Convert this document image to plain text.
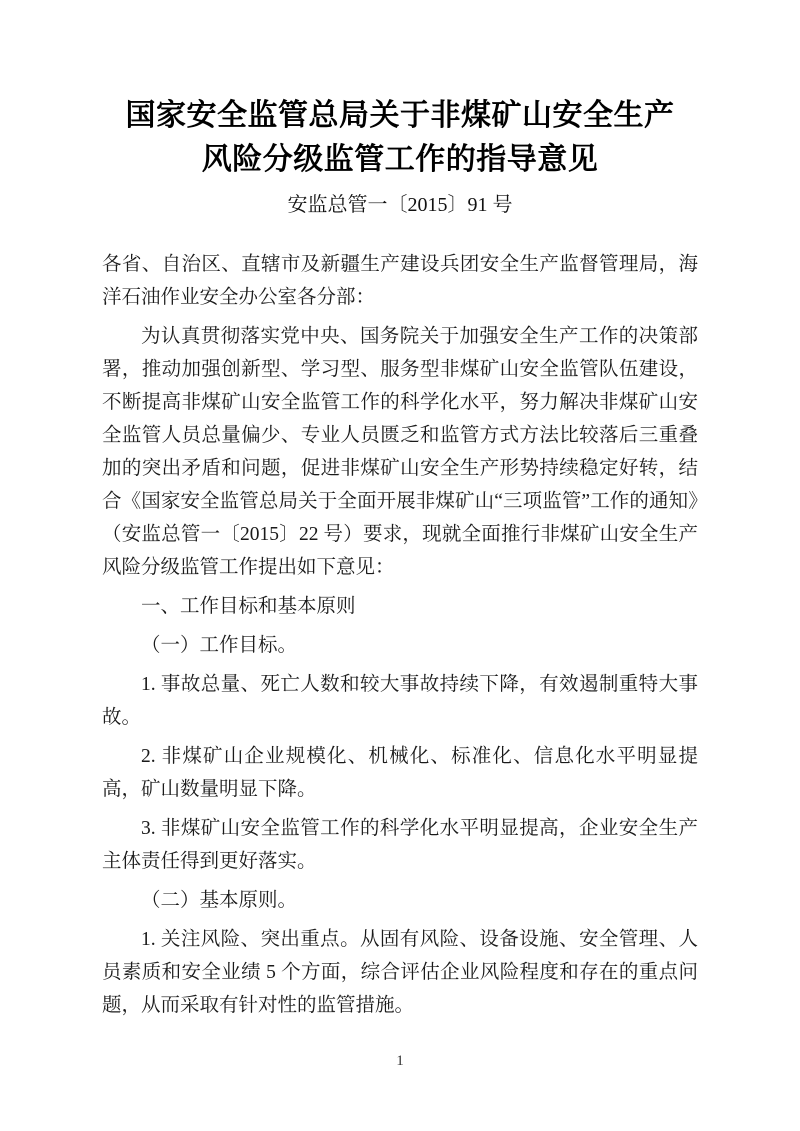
国家安全监管总局关于非煤矿山安全生产
风险分级监管工作的指导意见

安监总管一〔2015〕91 号

各省、自治区、直辖市及新疆生产建设兵团安全生产监督管理局，海洋石油作业安全办公室各分部：

为认真贯彻落实党中央、国务院关于加强安全生产工作的决策部署，推动加强创新型、学习型、服务型非煤矿山安全监管队伍建设，不断提高非煤矿山安全监管工作的科学化水平，努力解决非煤矿山安全监管人员总量偏少、专业人员匮乏和监管方式方法比较落后三重叠加的突出矛盾和问题，促进非煤矿山安全生产形势持续稳定好转，结合《国家安全监管总局关于全面开展非煤矿山“三项监管”工作的通知》（安监总管一〔2015〕22 号）要求，现就全面推行非煤矿山安全生产风险分级监管工作提出如下意见：

一、工作目标和基本原则

（一）工作目标。

1. 事故总量、死亡人数和较大事故持续下降，有效遏制重特大事故。

2. 非煤矿山企业规模化、机械化、标准化、信息化水平明显提高，矿山数量明显下降。

3. 非煤矿山安全监管工作的科学化水平明显提高，企业安全生产主体责任得到更好落实。

（二）基本原则。

1. 关注风险、突出重点。从固有风险、设备设施、安全管理、人员素质和安全业绩 5 个方面，综合评估企业风险程度和存在的重点问题，从而采取有针对性的监管措施。

1
